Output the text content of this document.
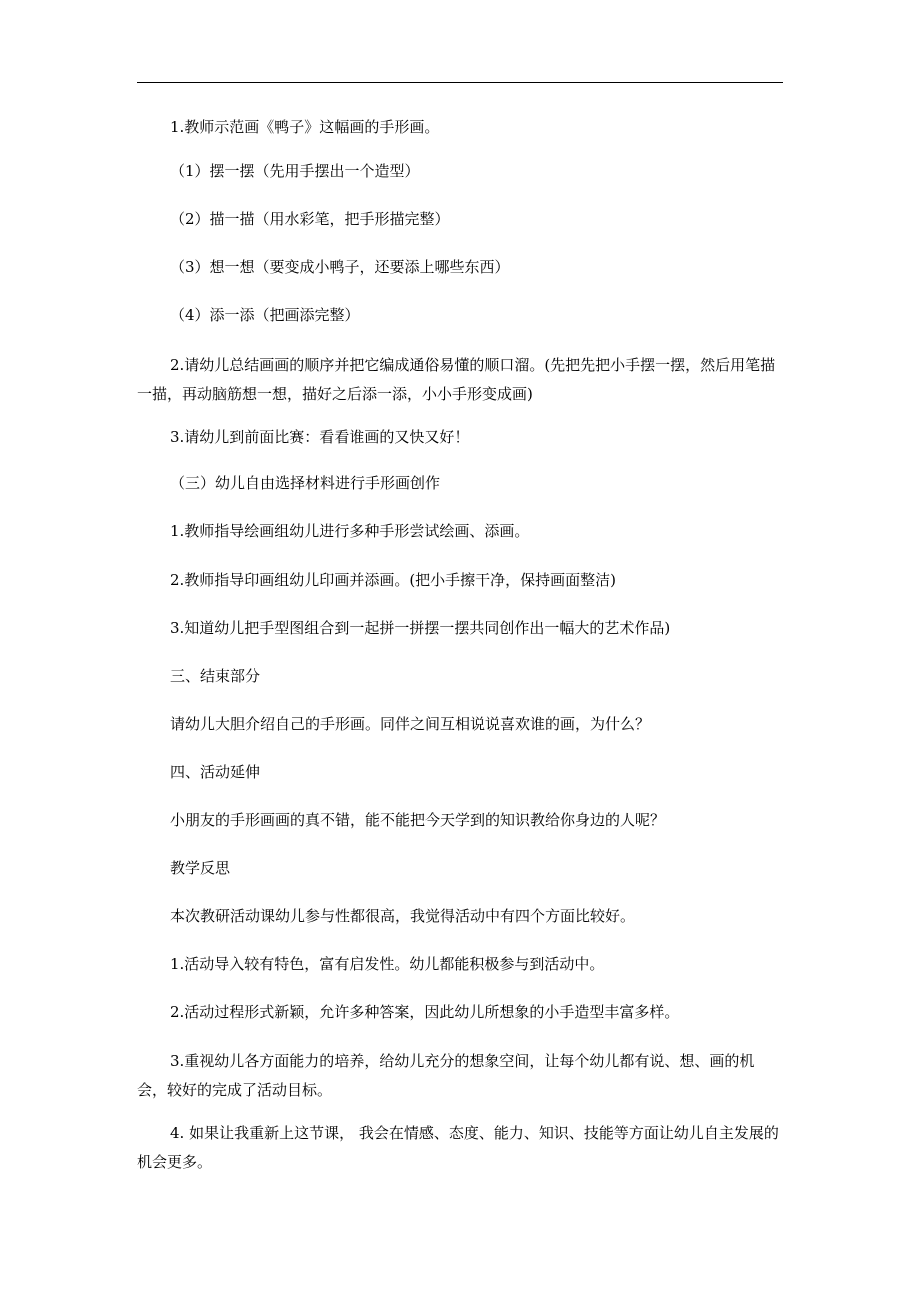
1.教师示范画《鸭子》这幅画的手形画。

（1）摆一摆（先用手摆出一个造型）

（2）描一描（用水彩笔，把手形描完整）

（3）想一想（要变成小鸭子，还要添上哪些东西）

（4）添一添（把画添完整）

2.请幼儿总结画画的顺序并把它编成通俗易懂的顺口溜。(先把先把小手摆一摆，然后用笔描一描，再动脑筋想一想，描好之后添一添，小小手形变成画)

3.请幼儿到前面比赛：看看谁画的又快又好！

（三）幼儿自由选择材料进行手形画创作

1.教师指导绘画组幼儿进行多种手形尝试绘画、添画。

2.教师指导印画组幼儿印画并添画。(把小手擦干净，保持画面整洁)

3.知道幼儿把手型图组合到一起拼一拼摆一摆共同创作出一幅大的艺术作品)

三、结束部分

请幼儿大胆介绍自己的手形画。同伴之间互相说说喜欢谁的画，为什么？

四、活动延伸

小朋友的手形画画的真不错，能不能把今天学到的知识教给你身边的人呢？

教学反思

本次教研活动课幼儿参与性都很高，我觉得活动中有四个方面比较好。

1.活动导入较有特色，富有启发性。幼儿都能积极参与到活动中。

2.活动过程形式新颖，允许多种答案，因此幼儿所想象的小手造型丰富多样。

3.重视幼儿各方面能力的培养，给幼儿充分的想象空间，让每个幼儿都有说、想、画的机会，较好的完成了活动目标。

4. 如果让我重新上这节课， 我会在情感、态度、能力、知识、技能等方面让幼儿自主发展的机会更多。
